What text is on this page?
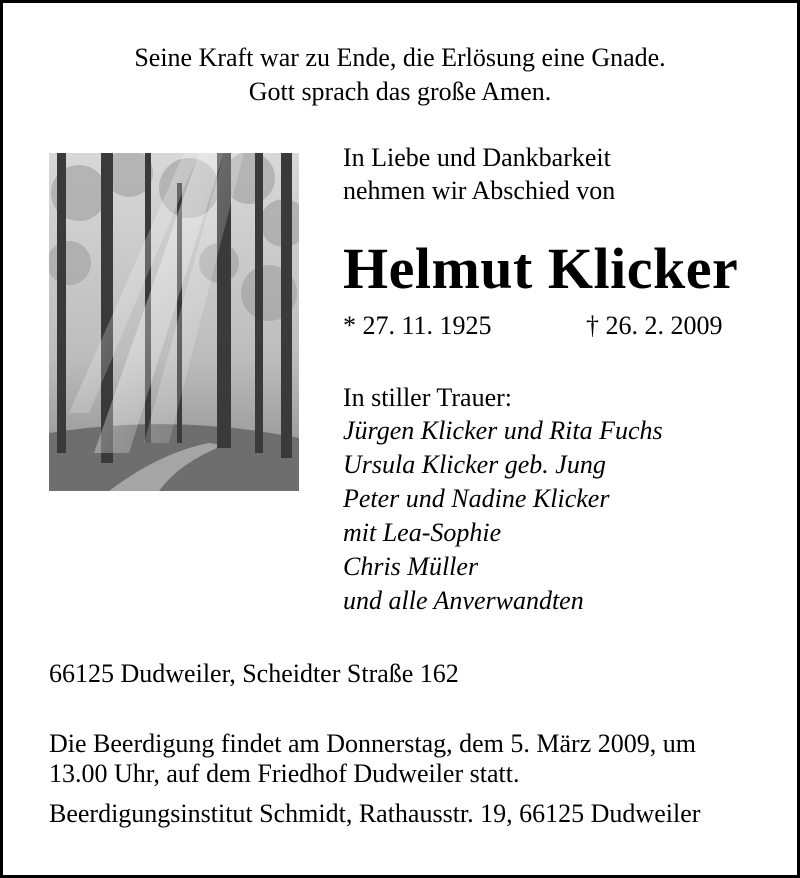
Seine Kraft war zu Ende, die Erlösung eine Gnade.
Gott sprach das große Amen.
In Liebe und Dankbarkeit
nehmen wir Abschied von
Helmut Klicker
* 27. 11. 1925	† 26. 2. 2009
In stiller Trauer:
Jürgen Klicker und Rita Fuchs
Ursula Klicker geb. Jung
Peter und Nadine Klicker
mit Lea-Sophie
Chris Müller
und alle Anverwandten
66125 Dudweiler, Scheidter Straße 162
Die Beerdigung findet am Donnerstag, dem 5. März 2009, um
13.00 Uhr, auf dem Friedhof Dudweiler statt.
Beerdigungsinstitut Schmidt, Rathausstr. 19, 66125 Dudweiler
